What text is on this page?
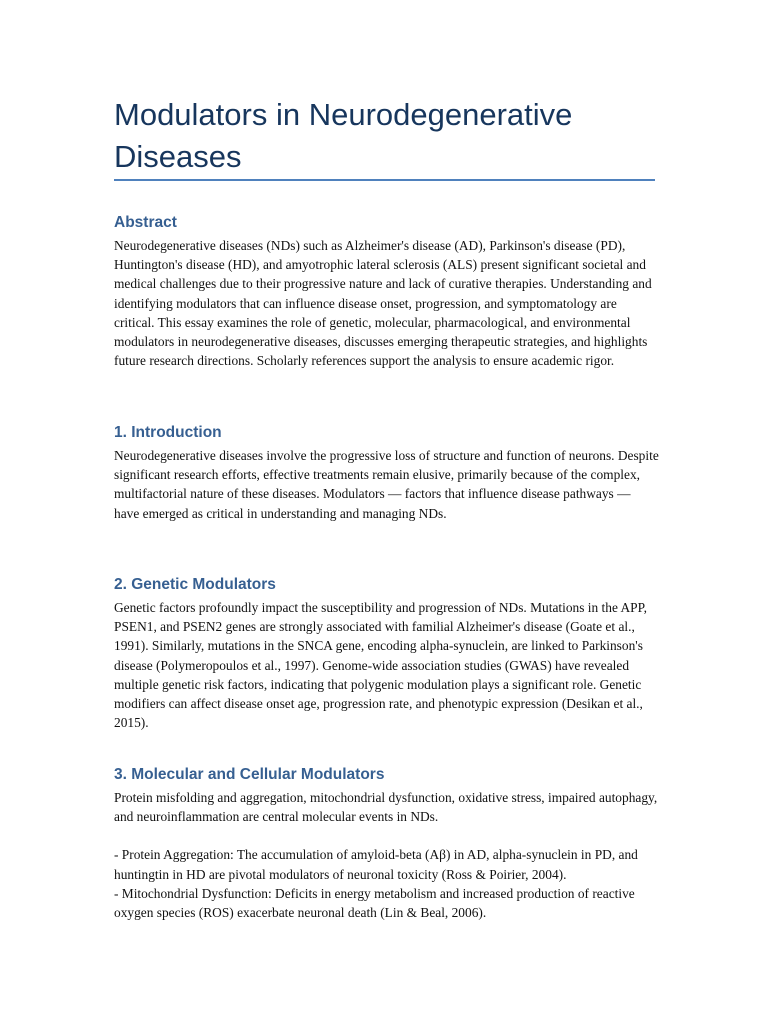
Modulators in Neurodegenerative Diseases
Abstract

Neurodegenerative diseases (NDs) such as Alzheimer's disease (AD), Parkinson's disease (PD), Huntington's disease (HD), and amyotrophic lateral sclerosis (ALS) present significant societal and medical challenges due to their progressive nature and lack of curative therapies. Understanding and identifying modulators that can influence disease onset, progression, and symptomatology are critical. This essay examines the role of genetic, molecular, pharmacological, and environmental modulators in neurodegenerative diseases, discusses emerging therapeutic strategies, and highlights future research directions. Scholarly references support the analysis to ensure academic rigor.

1. Introduction

Neurodegenerative diseases involve the progressive loss of structure and function of neurons. Despite significant research efforts, effective treatments remain elusive, primarily because of the complex, multifactorial nature of these diseases. Modulators — factors that influence disease pathways — have emerged as critical in understanding and managing NDs.

2. Genetic Modulators

Genetic factors profoundly impact the susceptibility and progression of NDs. Mutations in the APP, PSEN1, and PSEN2 genes are strongly associated with familial Alzheimer's disease (Goate et al., 1991). Similarly, mutations in the SNCA gene, encoding alpha-synuclein, are linked to Parkinson's disease (Polymeropoulos et al., 1997). Genome-wide association studies (GWAS) have revealed multiple genetic risk factors, indicating that polygenic modulation plays a significant role. Genetic modifiers can affect disease onset age, progression rate, and phenotypic expression (Desikan et al., 2015).

3. Molecular and Cellular Modulators

Protein misfolding and aggregation, mitochondrial dysfunction, oxidative stress, impaired autophagy, and neuroinflammation are central molecular events in NDs.

- Protein Aggregation: The accumulation of amyloid-beta (Aβ) in AD, alpha-synuclein in PD, and huntingtin in HD are pivotal modulators of neuronal toxicity (Ross & Poirier, 2004).

- Mitochondrial Dysfunction: Deficits in energy metabolism and increased production of reactive oxygen species (ROS) exacerbate neuronal death (Lin & Beal, 2006).
